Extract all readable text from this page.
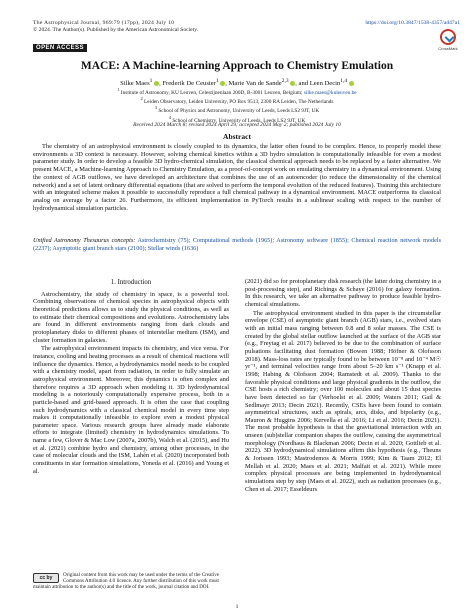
The Astrophysical Journal, 969:79 (17pp), 2024 July 10
© 2024. The Author(s). Published by the American Astronomical Society.
https://doi.org/10.3847/1538-4357/ad47a1
CrossMark
OPEN ACCESS
MACE: A Machine-learning Approach to Chemistry Emulation
Silke Maes$^1$ , Frederik De Ceuster$^1$ , Marie Van de Sande$^{2,3}$ , and Leen Decin$^{1,4}$
$^1$ Institute of Astronomy, KU Leuven, Celestijnenlaan 200D, B-3001 Leuven, Belgium; silke.maes@kuleuven.be
$^2$ Leiden Observatory, Leiden University, PO Box 9513, 2300 RA Leiden, The Netherlands
$^3$ School of Physics and Astronomy, University of Leeds, Leeds LS2 9JT, UK
$^4$ School of Chemistry, University of Leeds, Leeds LS2 9JT, UK
Received 2024 March 8; revised 2024 April 29; accepted 2024 May 2; published 2024 July 10
Abstract
The chemistry of an astrophysical environment is closely coupled to its dynamics, the latter often found to be complex. Hence, to properly model these environments a 3D context is necessary. However, solving chemical kinetics within a 3D hydro simulation is computationally infeasible for even a modest parameter study. In order to develop a feasible 3D hydro-chemical simulation, the classical chemical approach needs to be replaced by a faster alternative. We present MACE, a Machine-learning Approach to Chemistry Emulation, as a proof-of-concept work on emulating chemistry in a dynamical environment. Using the context of AGB outflows, we have developed an architecture that combines the use of an autoencoder (to reduce the dimensionality of the chemical network) and a set of latent ordinary differential equations (that are solved to perform the temporal evolution of the reduced features). Training this architecture with an integrated scheme makes it possible to successfully reproduce a full chemical pathway in a dynamical environment. MACE outperforms its classical analog on average by a factor 26. Furthermore, its efficient implementation in PyTorch results in a sublinear scaling with respect to the number of hydrodynamical simulation particles.
Unified Astronomy Thesaurus concepts: Astrochemistry (75); Computational methods (1965); Astronomy software (1855); Chemical reaction network models (2237); Asymptotic giant branch stars (2100); Stellar winds (1636)
1. Introduction

Astrochemistry, the study of chemistry in space, is a powerful tool. Combining observations of chemical species in astrophysical objects with theoretical predictions allows us to study the physical conditions, as well as to estimate their chemical compositions and evolutions. Astrochemistry labs are found in different environments ranging from dark clouds and protoplanetary disks to different phases of interstellar medium (ISM), and cluster formation in galaxies.

The astrophysical environment impacts its chemistry, and vice versa. For instance, cooling and heating processes as a result of chemical reactions will influence the dynamics. Hence, a hydrodynamics model needs to be coupled with a chemistry model, apart from radiation, in order to fully simulate an astrophysical environment. Moreover, this dynamics is often complex and therefore requires a 3D approach when modeling it. 3D hydrodynamical modeling is a notoriously computationally expensive process, both in a particle-based and grid-based approach. It is often the case that coupling such hydrodynamics with a classical chemical model in every time step makes it computationally infeasible to explore even a modest physical parameter space. Various research groups have already made elaborate efforts to integrate (limited) chemistry in hydrodynamics simulations. To name a few, Glover & Mac Low (2007a, 2007b), Walch et al. (2015), and Hu et al. (2021) combine hydro and chemistry, among other processes, in the case of molecular clouds and the ISM, Lahén et al. (2020) incorporated both constituents in star formation simulations, Yoneda et al. (2016) and Young et al.

(2021) did so for protoplanetary disk research (the latter doing chemistry in a post-processing step), and Richings & Schaye (2016) for galaxy formation. In this research, we take an alternative pathway to produce feasible hydro-chemical simulations.

The astrophysical environment studied in this paper is the circumstellar envelope (CSE) of asymptotic giant branch (AGB) stars, i.e., evolved stars with an initial mass ranging between 0.8 and 8 solar masses. The CSE is created by the global stellar outflow launched at the surface of the AGB star (e.g., Freytag et al. 2017) believed to be due to the combination of surface pulsations facilitating dust formation (Bowen 1988; Höfner & Olofsson 2018). Mass-loss rates are typically found to be between 10⁻⁸ and 10⁻⁴ M☉ yr⁻¹, and terminal velocities range from about 5–20 km s⁻¹ (Knapp et al. 1998; Habing & Olofsson 2004; Ramstedt et al. 2009). Thanks to the favorable physical conditions and large physical gradients in the outflow, the CSE hosts a rich chemistry; over 100 molecules and about 15 dust species have been detected so far (Verhoelst et al. 2009; Waters 2011; Gail & Sedlmayr 2013; Decin 2021). Recently, CSEs have been found to contain asymmetrical structures, such as spirals, arcs, disks, and bipolarity (e.g., Mauron & Huggins 2006; Kervella et al. 2016; Li et al. 2016; Decin 2021). The most probable hypothesis is that the gravitational interaction with an unseen (sub)stellar companion shapes the outflow, causing the asymmetrical morphology (Nordhaus & Blackman 2006; Decin et al. 2020; Gottlieb et al. 2022). 3D hydrodynamical simulations affirm this hypothesis (e.g., Theuns & Jorissen 1993; Mastrodemos & Morris 1999; Kim & Taam 2012; El Mellah et al. 2020; Maes et al. 2021; Malfait et al. 2021). While more complex physical processes are being implemented in hydrodynamical simulations step by step (Maes et al. 2022), such as radiation processes (e.g., Chen et al. 2017; Esseldeurs

cc by	Original content from this work may be used under the terms of the Creative Commons Attribution 4.0 licence. Any further distribution of this work must maintain attribution to the author(s) and the title of the work, journal citation and DOI.
1
